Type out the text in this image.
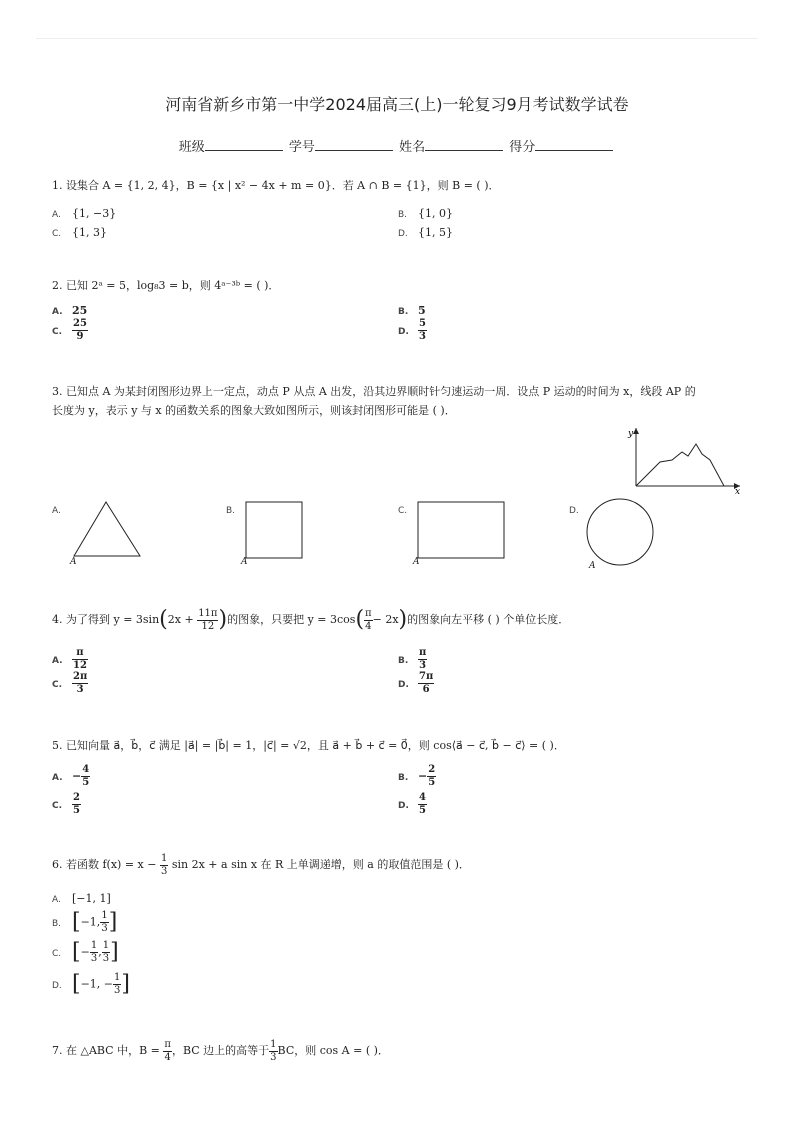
河南省新乡市第一中学2024届高三(上)一轮复习9月考试数学试卷
班级	学号	姓名	得分
1. 设集合 A = {1, 2, 4}，B = {x | x² − 4x + m = 0}．若 A ∩ B = {1}，则 B = ( )．
A. {1, −3}	B. {1, 0}
C. {1, 3}	D. {1, 5}
2. 已知 2ᵃ = 5，log₈3 = b，则 4ᵃ⁻³ᵇ = ( )．
A. 25	B. 5
C. $\frac{25}{9}$	D. $\frac{5}{3}$
3. 已知点 A 为某封闭图形边界上一定点，动点 P 从点 A 出发，沿其边界顺时针匀速运动一周．设点 P 运动的时间为 x，线段 AP 的
长度为 y，表示 y 与 x 的函数关系的图象大致如图所示，则该封闭图形可能是 ( )．
y
x
A.
A
B.
A
C.
A
D.
A
4. 为了得到 $y = 3\sin(2x + \frac{11\pi}{12}$ )的图象，只要把 $y = 3\cos( \frac{\pi}{4} - 2x)$的图象向左平移 ( ) 个单位长度．
A. $\frac{\pi}{12}$	B. $\frac{\pi}{3}$
C. $\frac{2\pi}{3}$	D. $\frac{7\pi}{6}$
5. 已知向量 a⃗，b⃗，c⃗ 满足 |a⃗| = |b⃗| = 1，|c⃗| = √2，且 a⃗ + b⃗ + c⃗ = 0⃗，则 cos⟨a⃗ − c⃗, b⃗ − c⃗⟩ = ( )．
A. − $\frac{4}{5}$	B. − $\frac{2}{5}$
C. $\frac{2}{5}$	D. $\frac{4}{5}$
6. 若函数 $f(x) = x - \frac{1}{3}$ sin 2x + a sin x 在 R 上单调递增，则 a 的取值范围是 ( )．
A. [−1, 1]
B. [−1, $\frac{1}{3}$ ]
C. [− $\frac{1}{3}$ , $\frac{1}{3}$ ]
D. [−1, − $\frac{1}{3}$ ]
7. 在 △ABC 中，$B = \frac{\pi}{4}$ ，BC 边上的高等于 $\frac{1}{3}$ BC，则 cos A = ( )．
